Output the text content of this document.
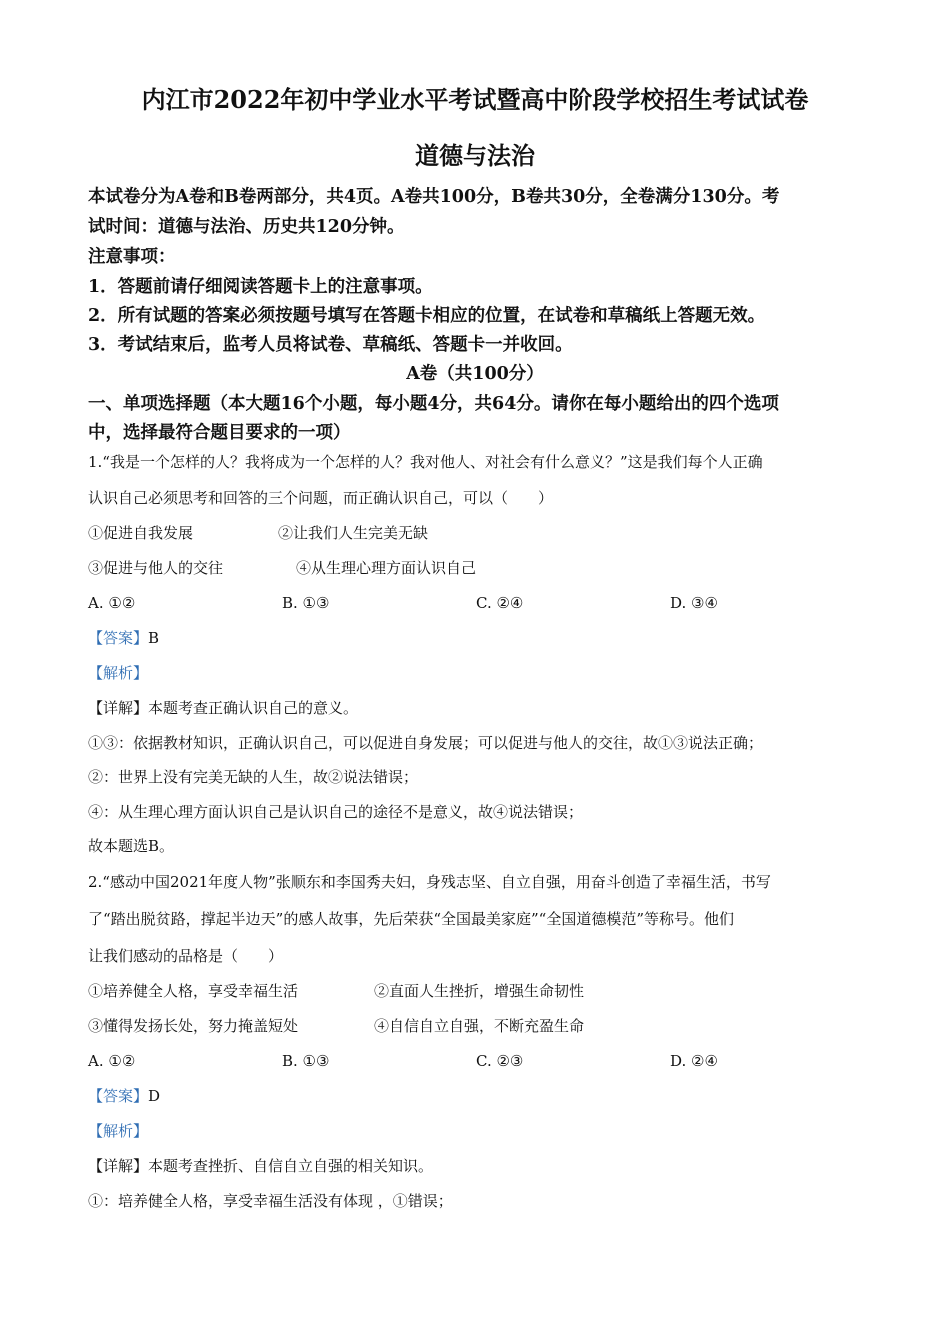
内江市2022年初中学业水平考试暨高中阶段学校招生考试试卷
道德与法治
本试卷分为A卷和B卷两部分，共4页。A卷共100分，B卷共30分，全卷满分130分。考
试时间：道德与法治、历史共120分钟。
注意事项：
1．答题前请仔细阅读答题卡上的注意事项。
2．所有试题的答案必须按题号填写在答题卡相应的位置，在试卷和草稿纸上答题无效。
3．考试结束后，监考人员将试卷、草稿纸、答题卡一并收回。
A卷（共100分）
一、单项选择题（本大题16个小题，每小题4分，共64分。请你在每小题给出的四个选项
中，选择最符合题目要求的一项）
1.“我是一个怎样的人？我将成为一个怎样的人？我对他人、对社会有什么意义？”这是我们每个人正确
认识自己必须思考和回答的三个问题，而正确认识自己，可以（　　）
①促进自我发展	②让我们人生完美无缺
③促进与他人的交往	④从生理心理方面认识自己
A. ①②	B. ①③	C. ②④	D. ③④
【答案】B
【解析】
【详解】本题考查正确认识自己的意义。
①③：依据教材知识，正确认识自己，可以促进自身发展；可以促进与他人的交往，故①③说法正确；
②：世界上没有完美无缺的人生，故②说法错误；
④：从生理心理方面认识自己是认识自己的途径不是意义，故④说法错误；
故本题选B。
2.“感动中国2021年度人物”张顺东和李国秀夫妇，身残志坚、自立自强，用奋斗创造了幸福生活，书写
了“踏出脱贫路，撑起半边天”的感人故事，先后荣获“全国最美家庭”“全国道德模范”等称号。他们
让我们感动的品格是（　　）
①培养健全人格，享受幸福生活	②直面人生挫折，增强生命韧性
③懂得发扬长处，努力掩盖短处	④自信自立自强，不断充盈生命
A. ①②	B. ①③	C. ②③	D. ②④
【答案】D
【解析】
【详解】本题考查挫折、自信自立自强的相关知识。
①：培养健全人格，享受幸福生活没有体现 ，①错误；
